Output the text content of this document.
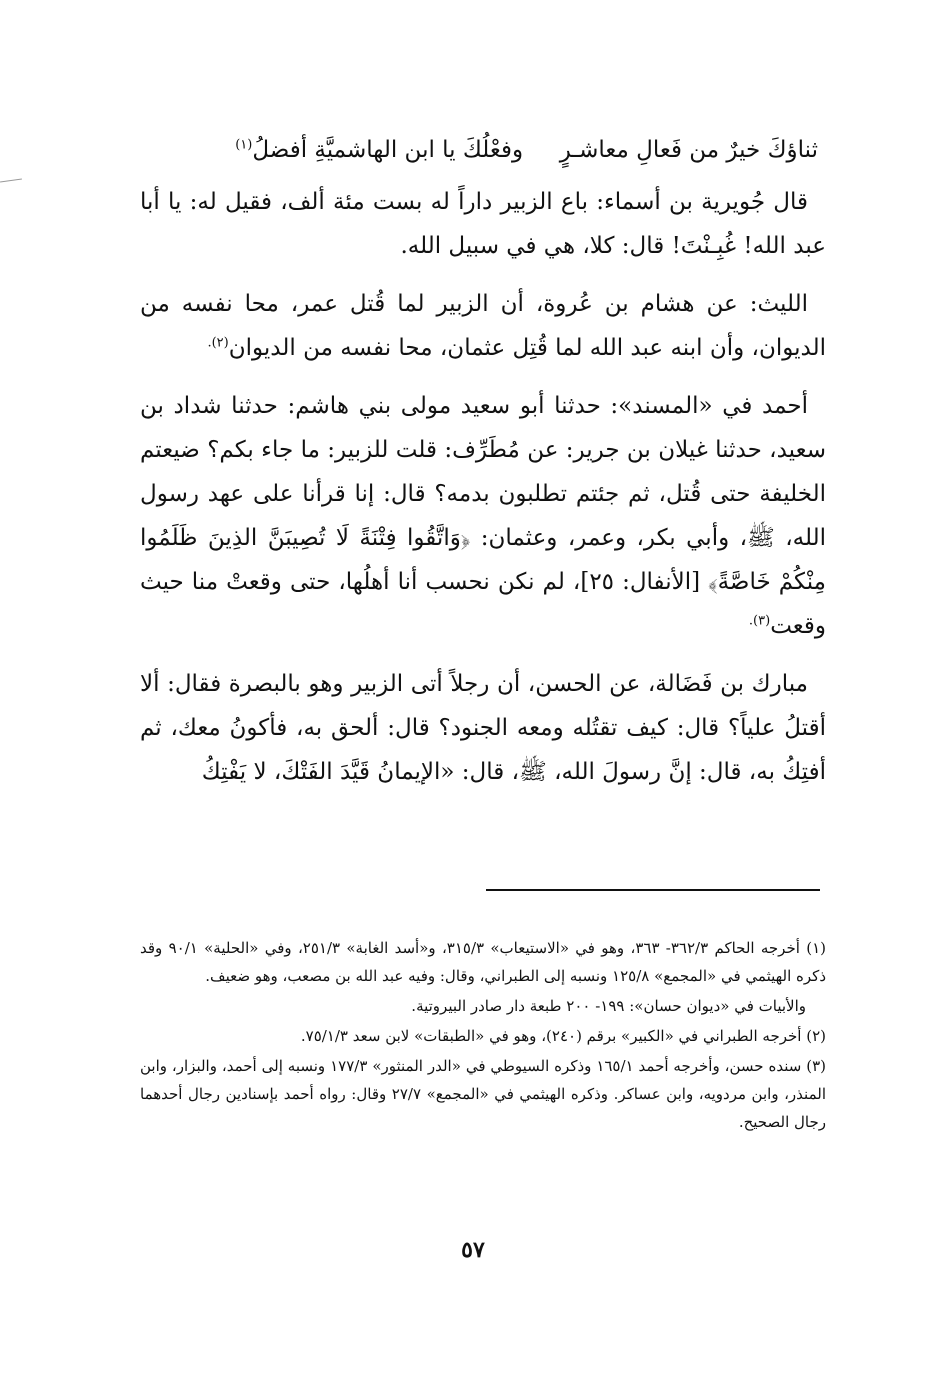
ثناؤكَ خيرٌ من فَعالِ معاشـرٍ  وفعْلُكَ يا ابن الهاشميَّةِ أفضلُ$^{(١)}$

قال جُويرية بن أسماء: باع الزبير داراً له بست مئة ألف، فقيل له: يا أبا عبد الله! غُبِـنْتَ! قال: كلا، هي في سبيل الله.

الليث: عن هشام بن عُروة، أن الزبير لما قُتل عمر، محا نفسه من الديوان، وأن ابنه عبد الله لما قُتِل عثمان، محا نفسه من الديوان$^{(٢).}$

أحمد في «المسند»: حدثنا أبو سعيد مولى بني هاشم: حدثنا شداد بن سعيد، حدثنا غيلان بن جرير: عن مُطَرِّف: قلت للزبير: ما جاء بكم؟ ضيعتم الخليفة حتى قُتل، ثم جئتم تطلبون بدمه؟ قال: إنا قرأنا على عهد رسول الله، ﷺ، وأبي بكر، وعمر، وعثمان: ﴿وَاتَّقُوا فِتْنَةً لَا تُصِيبَنَّ الذِينَ ظَلَمُوا مِنْكُمْ خَاصَّةً﴾ [الأنفال: ٢٥]، لم نكن نحسب أنا أهلُها، حتى وقعتْ منا حيث وقعت$^{(٣).}$

مبارك بن فَضَالة، عن الحسن، أن رجلاً أتى الزبير وهو بالبصرة فقال: ألا أقتلُ علياً؟ قال: كيف تقتُله ومعه الجنود؟ قال: ألحق به، فأكونُ معك، ثم أفتِكُ به، قال: إنَّ رسولَ الله، ﷺ، قال: «الإيمانُ قَيَّدَ الفَتْكَ، لا يَفْتِكُ

(١) أخرجه الحاكم ٣٦٢/٣- ٣٦٣، وهو في «الاستيعاب» ٣١٥/٣، و«أسد الغابة» ٢٥١/٣، وفي «الحلية» ٩٠/١ وقد ذكره الهيثمي في «المجمع» ١٢٥/٨ ونسبه إلى الطبراني، وقال: وفيه عبد الله بن مصعب، وهو ضعيف.

والأبيات في «ديوان حسان»: ١٩٩- ٢٠٠ طبعة دار صادر البيروتية.

(٢) أخرجه الطبراني في «الكبير» برقم (٢٤٠)، وهو في «الطبقات» لابن سعد ٧٥/١/٣.

(٣) سنده حسن، وأخرجه أحمد ١٦٥/١ وذكره السيوطي في «الدر المنثور» ١٧٧/٣ ونسبه إلى أحمد، والبزار، وابن المنذر، وابن مردويه، وابن عساكر. وذكره الهيثمي في «المجمع» ٢٧/٧ وقال: رواه أحمد بإسنادين رجال أحدهما رجال الصحيح.

٥٧
